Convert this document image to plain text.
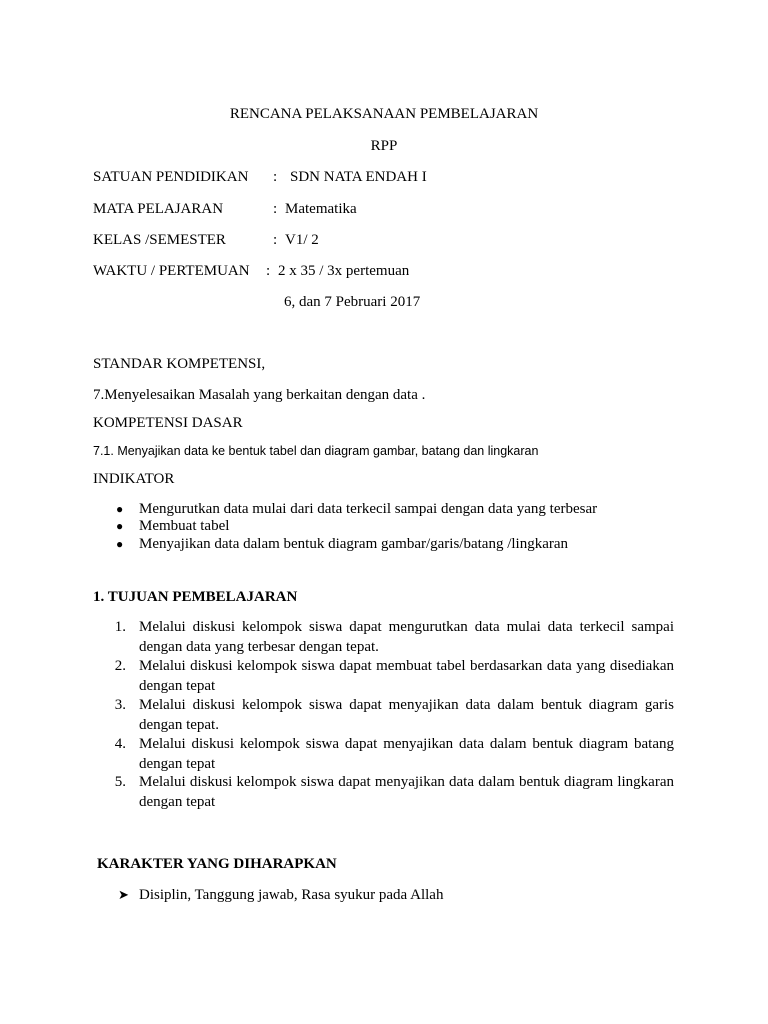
RENCANA PELAKSANAAN PEMBELAJARAN
RPP
SATUAN PENDIDIKAN : SDN NATA ENDAH I
MATA PELAJARAN	: Matematika
KELAS /SEMESTER	: V1/ 2
WAKTU / PERTEMUAN : 2 x 35 / 3x pertemuan
6, dan 7 Pebruari 2017
STANDAR KOMPETENSI,
7.Menyelesaikan Masalah yang berkaitan dengan data .
KOMPETENSI DASAR
7.1. Menyajikan data ke bentuk tabel dan diagram gambar, batang dan lingkaran
INDIKATOR
● Mengurutkan data mulai dari data terkecil sampai dengan data yang terbesar
● Membuat tabel
● Menyajikan data dalam bentuk diagram gambar/garis/batang /lingkaran
1. TUJUAN PEMBELAJARAN
1. Melalui diskusi kelompok siswa dapat mengurutkan data mulai data terkecil sampai dengan data yang terbesar dengan tepat.
2. Melalui diskusi kelompok siswa dapat membuat tabel berdasarkan data yang disediakan dengan tepat
3. Melalui diskusi kelompok siswa dapat menyajikan data dalam bentuk diagram garis dengan tepat.
4. Melalui diskusi kelompok siswa dapat menyajikan data dalam bentuk diagram batang dengan tepat
5. Melalui diskusi kelompok siswa dapat menyajikan data dalam bentuk diagram lingkaran dengan tepat
KARAKTER YANG DIHARAPKAN
➤ Disiplin, Tanggung jawab, Rasa syukur pada Allah
